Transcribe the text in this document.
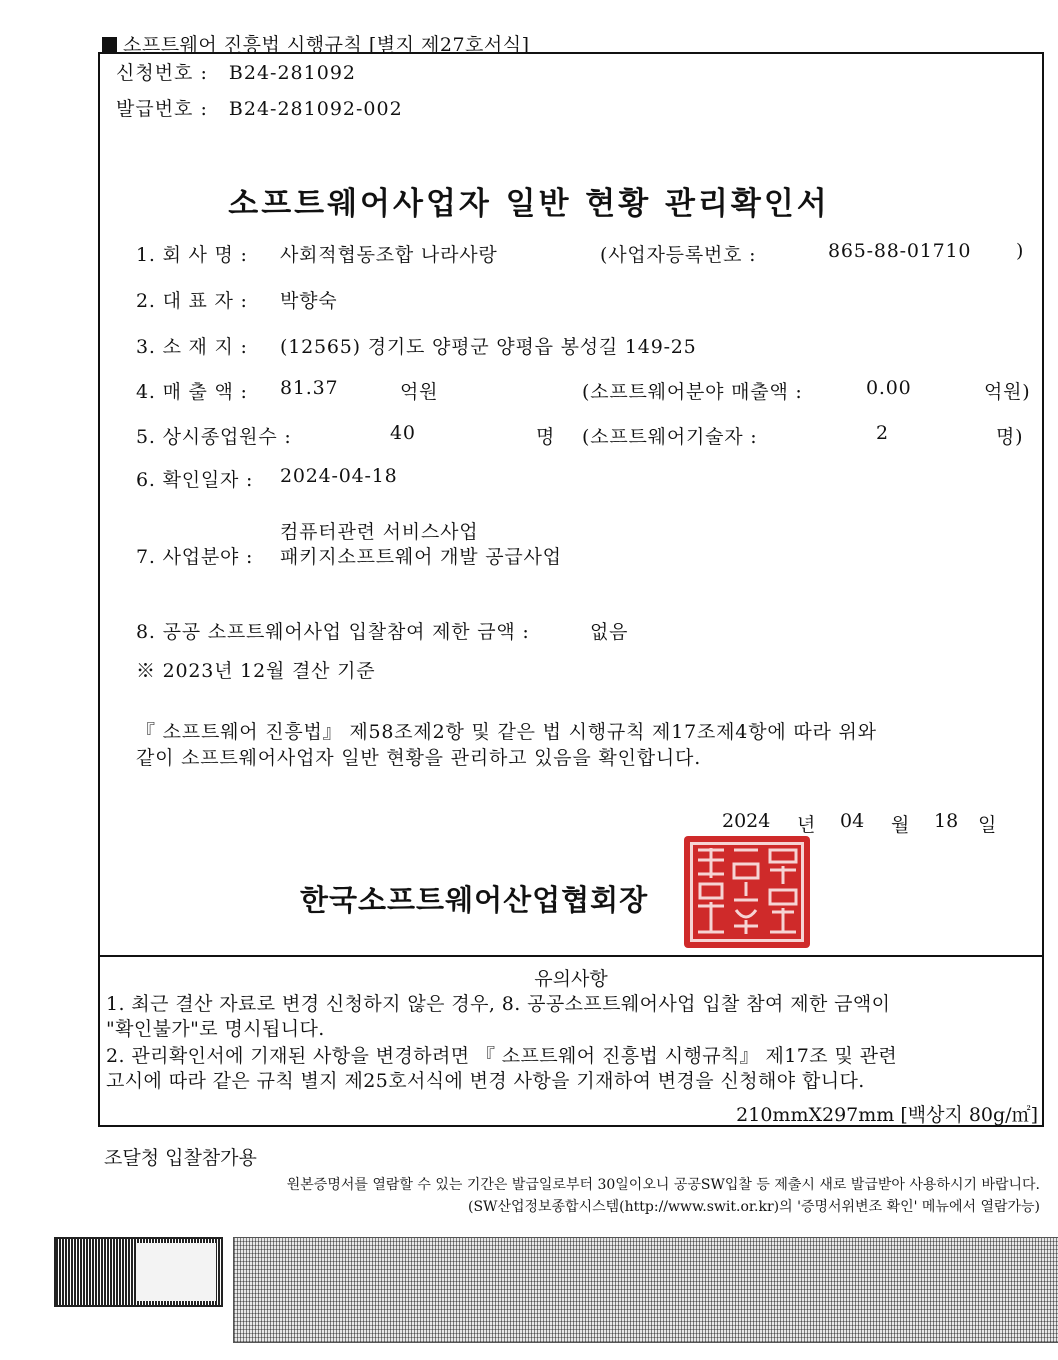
소프트웨어 진흥법 시행규칙 [별지 제27호서식]
신청번호 : B24-281092
발급번호 : B24-281092-002
소프트웨어사업자 일반 현황 관리확인서
1. 회 사 명 : 사회적협동조합 나라사랑	(사업자등록번호 :	865-88-01710 )
2. 대 표 자 : 박향숙
3. 소 재 지 : (12565) 경기도 양평군 양평읍 봉성길 149-25
4. 매 출 액 : 81.37	억원	(소프트웨어분야 매출액 :	0.00	억원)
5. 상시종업원수 :	40	명 (소프트웨어기술자 :	2	명)
6. 확인일자 : 2024-04-18
컴퓨터관련 서비스사업
7. 사업분야 : 패키지소프트웨어 개발 공급사업
8. 공공 소프트웨어사업 입찰참여 제한 금액 :	없음
※ 2023년 12월 결산 기준
『 소프트웨어 진흥법』 제58조제2항 및 같은 법 시행규칙 제17조제4항에 따라 위와
같이 소프트웨어사업자 일반 현황을 관리하고 있음을 확인합니다.
2024 년 04 월 18 일
한국소프트웨어산업협회장
유의사항
1. 최근 결산 자료로 변경 신청하지 않은 경우, 8. 공공소프트웨어사업 입찰 참여 제한 금액이
"확인불가"로 명시됩니다.
2. 관리확인서에 기재된 사항을 변경하려면 『 소프트웨어 진흥법 시행규칙』 제17조 및 관련
고시에 따라 같은 규칙 별지 제25호서식에 변경 사항을 기재하여 변경을 신청해야 합니다.
210mmX297mm [백상지 80g/㎡]
조달청 입찰참가용
원본증명서를 열람할 수 있는 기간은 발급일로부터 30일이오니 공공SW입찰 등 제출시 새로 발급받아 사용하시기 바랍니다.
(SW산업정보종합시스템(http://www.swit.or.kr)의 '증명서위변조 확인' 메뉴에서 열람가능)
